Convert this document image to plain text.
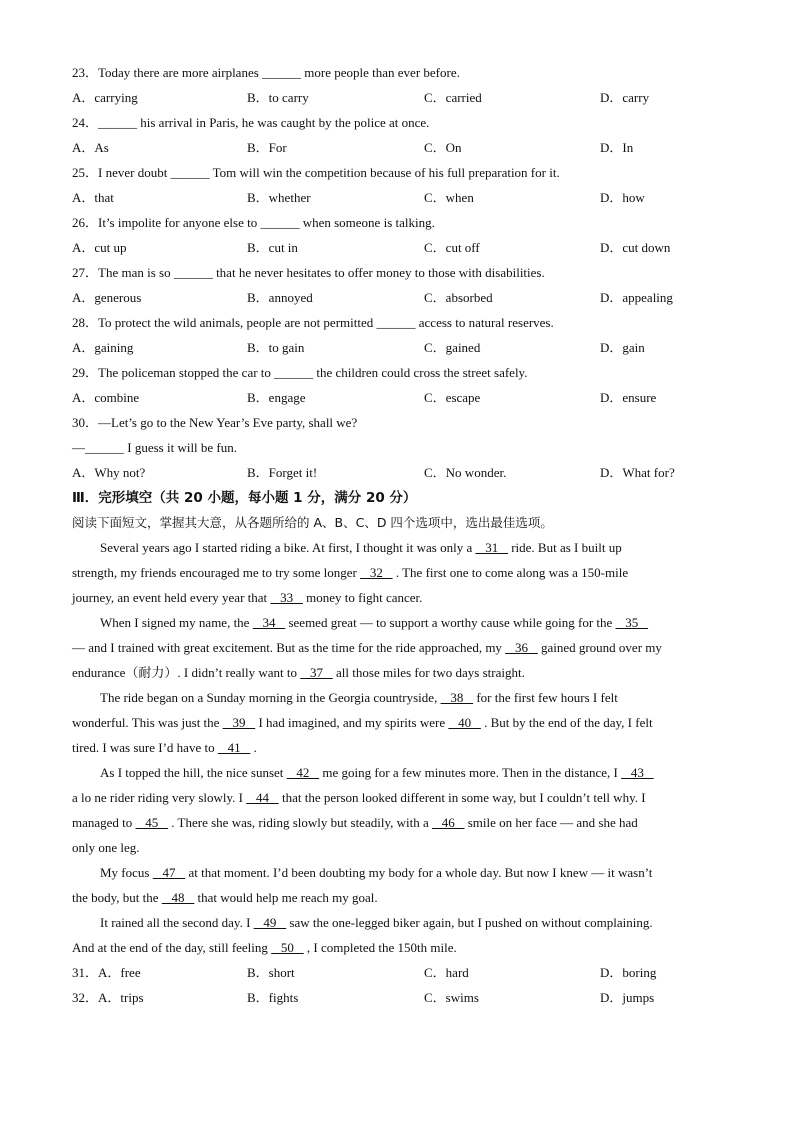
23．Today there are more airplanes ______ more people than ever before.
A．carrying	B．to carry	C．carried	D．carry
24．______ his arrival in Paris, he was caught by the police at once.
A．As	B．For	C．On	D．In
25．I never doubt ______ Tom will win the competition because of his full preparation for it.
A．that	B．whether	C．when	D．how
26．It’s impolite for anyone else to ______ when someone is talking.
A．cut up	B．cut in	C．cut off	D．cut down
27．The man is so ______ that he never hesitates to offer money to those with disabilities.
A．generous	B．annoyed	C．absorbed	D．appealing
28．To protect the wild animals, people are not permitted ______ access to natural reserves.
A．gaining	B．to gain	C．gained	D．gain
29．The policeman stopped the car to ______ the children could cross the street safely.
A．combine	B．engage	C．escape	D．ensure
30．—Let’s go to the New Year’s Eve party, shall we?
—______ I guess it will be fun.
A．Why not?	B．Forget it!	C．No wonder.	D．What for?
Ⅲ．完形填空（共 20 小题，每小题 1 分，满分 20 分）
阅读下面短文，掌握其大意，从各题所给的 A、B、C、D 四个选项中，选出最佳选项。
Several years ago I started riding a bike. At first, I thought it was only a    31    ride. But as I built up
strength, my friends encouraged me to try some longer    32    . The first one to come along was a 150-mile
journey, an event held every year that    33    money to fight cancer.
When I signed my name, the    34    seemed great — to support a worthy cause while going for the    35
— and I trained with great excitement. But as the time for the ride approached, my    36    gained ground over my
endurance（耐力）. I didn’t really want to    37    all those miles for two days straight.
The ride began on a Sunday morning in the Georgia countryside,    38    for the first few hours I felt
wonderful. This was just the    39    I had imagined, and my spirits were    40    . But by the end of the day, I felt
tired. I was sure I’d have to    41    .
As I topped the hill, the nice sunset    42    me going for a few minutes more. Then in the distance, I    43
a lo ne rider riding very slowly. I    44    that the person looked different in some way, but I couldn’t tell why. I
managed to    45    . There she was, riding slowly but steadily, with a    46    smile on her face — and she had
only one leg.
My focus    47    at that moment. I’d been doubting my body for a whole day. But now I knew — it wasn’t
the body, but the    48    that would help me reach my goal.
It rained all the second day. I    49    saw the one-legged biker again, but I pushed on without complaining.
And at the end of the day, still feeling    50    , I completed the 150th mile.
31．A．free	B．short	C．hard	D．boring
32．A．trips	B．fights	C．swims	D．jumps
